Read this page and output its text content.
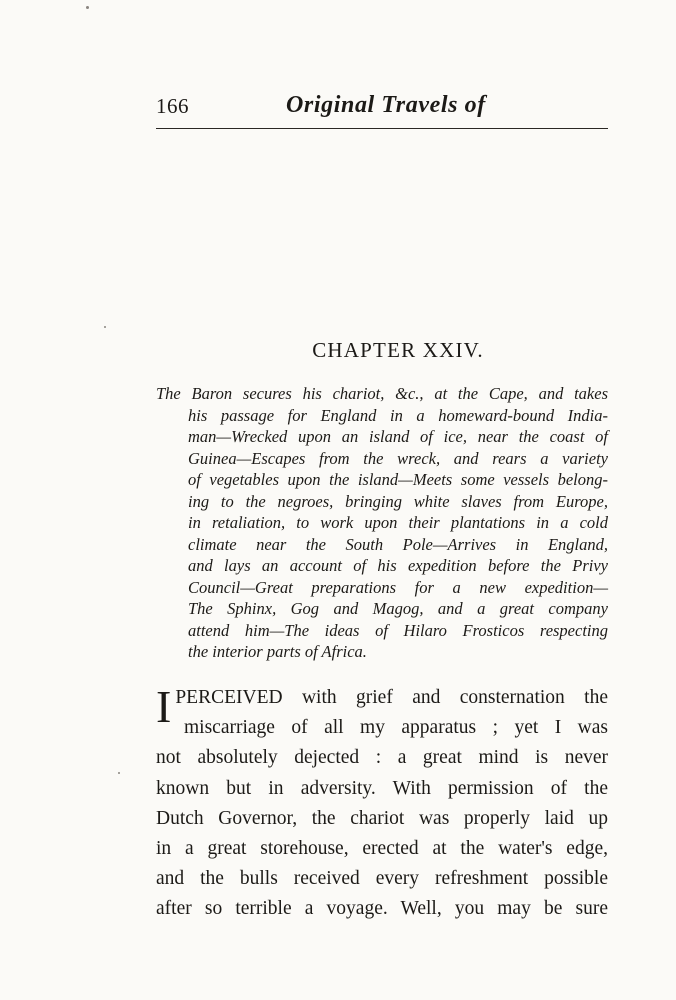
166	Original Travels of
CHAPTER XXIV.
The Baron secures his chariot, &c., at the Cape, and takes
his passage for England in a homeward-bound India-
man—Wrecked upon an island of ice, near the coast of
Guinea—Escapes from the wreck, and rears a variety
of vegetables upon the island—Meets some vessels belong-
ing to the negroes, bringing white slaves from Europe,
in retaliation, to work upon their plantations in a cold
climate near the South Pole—Arrives in England,
and lays an account of his expedition before the Privy
Council—Great preparations for a new expedition—
The Sphinx, Gog and Magog, and a great company
attend him—The ideas of Hilaro Frosticos respecting
the interior parts of Africa.
I PERCEIVED with grief and consternation the
miscarriage of all my apparatus ; yet I was
not absolutely dejected : a great mind is never
known but in adversity. With permission of the
Dutch Governor, the chariot was properly laid up
in a great storehouse, erected at the water's edge,
and the bulls received every refreshment possible
after so terrible a voyage. Well, you may be sure
